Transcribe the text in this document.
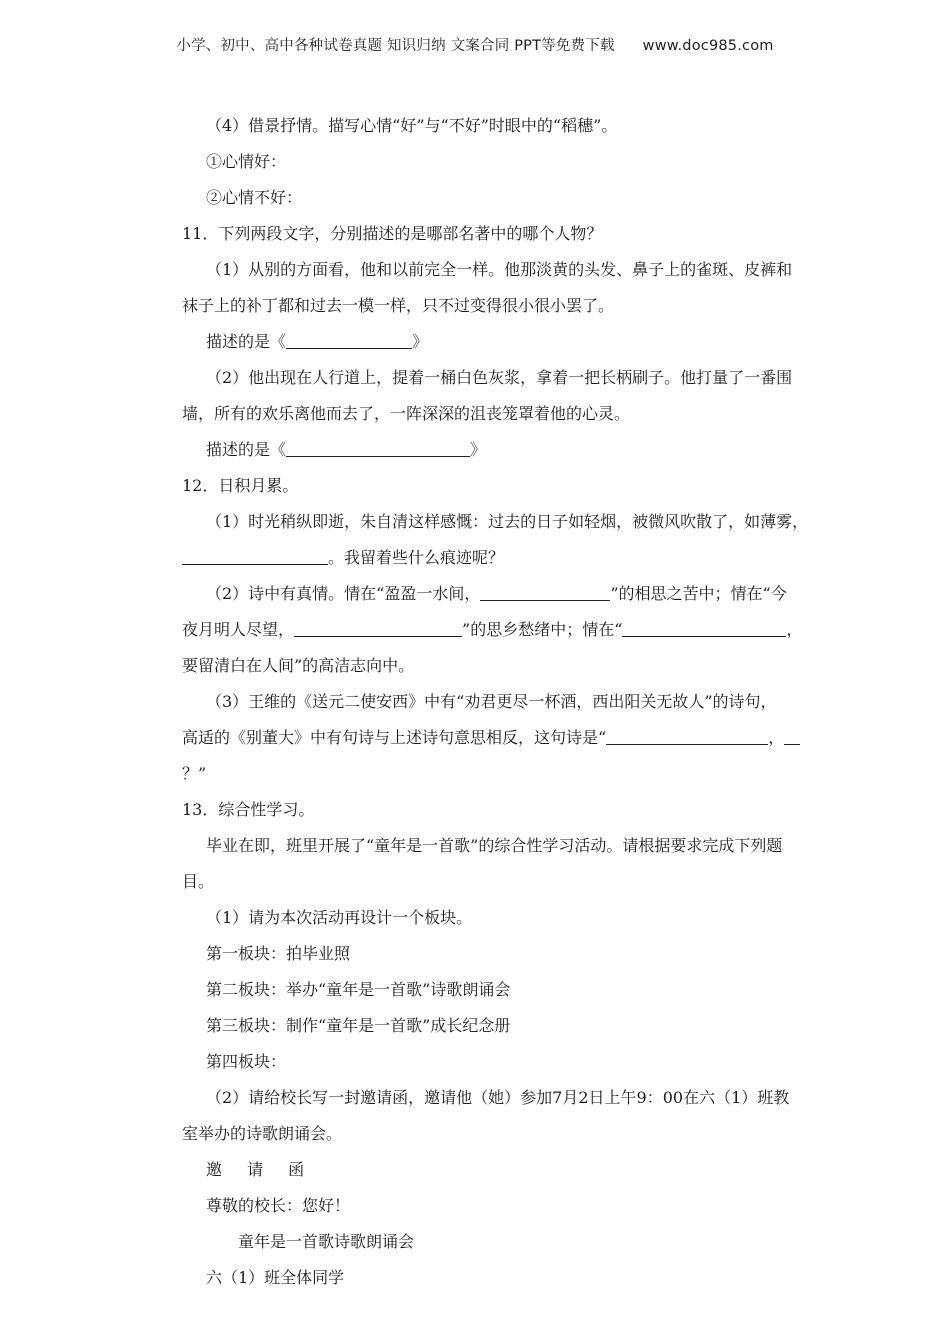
小学、初中、高中各种试卷真题 知识归纳 文案合同 PPT等免费下载 www.doc985.com
（4）借景抒情。描写心情“好”与“不好”时眼中的“稻穗”。
①心情好：
②心情不好：
11．下列两段文字，分别描述的是哪部名著中的哪个人物？
（1）从别的方面看，他和以前完全一样。他那淡黄的头发、鼻子上的雀斑、皮裤和
袜子上的补丁都和过去一模一样，只不过变得很小很小罢了。
描述的是《	》
（2）他出现在人行道上，提着一桶白色灰浆，拿着一把长柄刷子。他打量了一番围
墙，所有的欢乐离他而去了，一阵深深的沮丧笼罩着他的心灵。
描述的是《	》
12．日积月累。
（1）时光稍纵即逝，朱自清这样感慨：过去的日子如轻烟，被微风吹散了，如薄雾，
。我留着些什么痕迹呢？
（2）诗中有真情。情在“盈盈一水间，	”的相思之苦中；情在“今
夜月明人尽望，	”的思乡愁绪中；情在“	，
要留清白在人间”的高洁志向中。
（3）王维的《送元二使安西》中有“劝君更尽一杯酒，西出阳关无故人”的诗句，
高适的《别董大》中有句诗与上述诗句意思相反，这句诗是“	，
？”
13．综合性学习。
毕业在即，班里开展了“童年是一首歌”的综合性学习活动。请根据要求完成下列题
目。
（1）请为本次活动再设计一个板块。
第一板块：拍毕业照
第二板块：举办“童年是一首歌”诗歌朗诵会
第三板块：制作“童年是一首歌”成长纪念册
第四板块：
（2）请给校长写一封邀请函，邀请他（她）参加7月2日上午9：00在六（1）班教
室举办的诗歌朗诵会。
邀 请 函
尊敬的校长：您好！
童年是一首歌诗歌朗诵会
六（1）班全体同学
